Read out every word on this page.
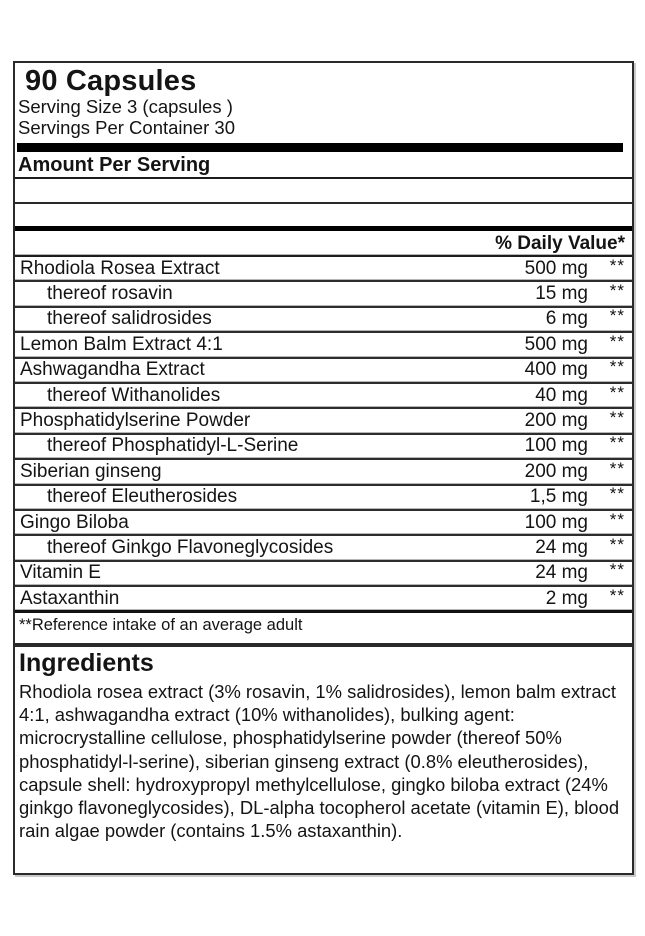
90 Capsules
Serving Size 3 (capsules )
Servings Per Container 30
Amount Per Serving
% Daily Value*
Rhodiola Rosea Extract	500 mg	**
thereof rosavin	15 mg	**
thereof salidrosides	6 mg	**
Lemon Balm Extract 4:1	500 mg	**
Ashwagandha Extract	400 mg	**
thereof Withanolides	40 mg	**
Phosphatidylserine Powder	200 mg	**
thereof Phosphatidyl-L-Serine	100 mg	**
Siberian ginseng	200 mg	**
thereof Eleutherosides	1,5 mg	**
Gingo Biloba	100 mg	**
thereof Ginkgo Flavoneglycosides	24 mg	**
Vitamin E	24 mg	**
Astaxanthin	2 mg	**
**Reference intake of an average adult
Ingredients

Rhodiola rosea extract (3% rosavin, 1% salidrosides), lemon balm extract 4:1, ashwagandha extract (10% withanolides), bulking agent: microcrystalline cellulose, phosphatidylserine powder (thereof 50% phosphatidyl-l-serine), siberian ginseng extract (0.8% eleutherosides), capsule shell: hydroxypropyl methylcellulose, gingko biloba extract (24% ginkgo flavoneglycosides), DL-alpha tocopherol acetate (vitamin E), blood rain algae powder (contains 1.5% astaxanthin).
